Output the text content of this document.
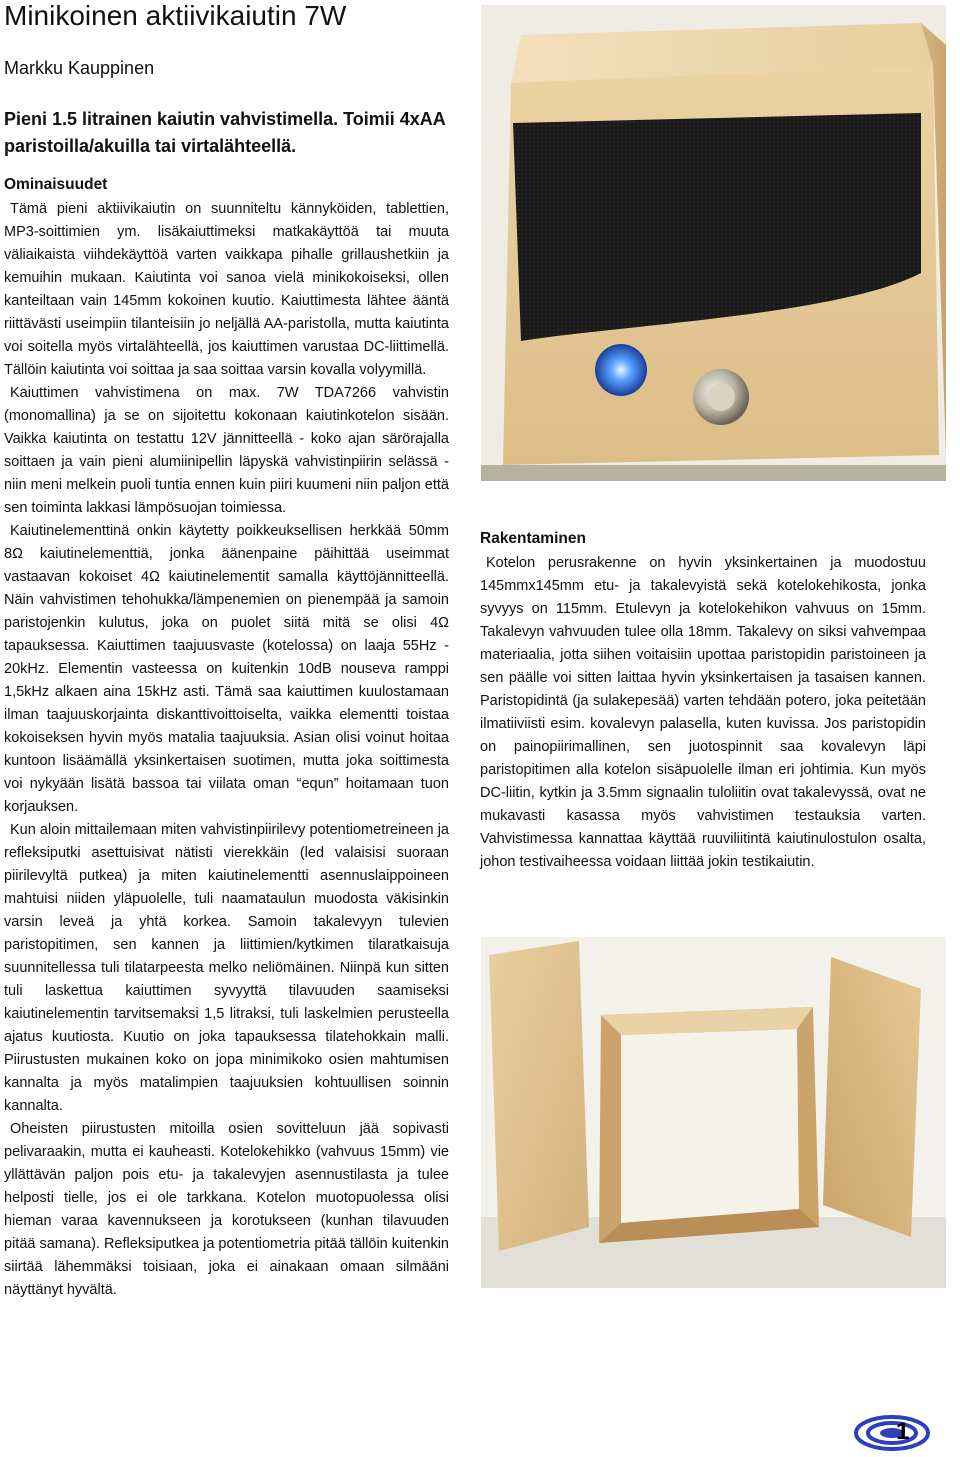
Minikoinen aktiivikaiutin 7W
Markku Kauppinen
Pieni 1.5 litrainen kaiutin vahvistimella. Toimii 4xAA paristoilla/akuilla tai virtalähteellä.
Ominaisuudet

Tämä pieni aktiivikaiutin on suunniteltu kännyköiden, tablettien, MP3-soittimien ym. lisäkaiuttimeksi matkakäyttöä tai muuta väliaikaista viihdekäyttöä varten vaikkapa pihalle grillaushetkiin ja kemuihin mukaan. Kaiutinta voi sanoa vielä minikokoiseksi, ollen kanteiltaan vain 145mm kokoinen kuutio. Kaiuttimesta lähtee ääntä riittävästi useimpiin tilanteisiin jo neljällä AA-paristolla, mutta kaiutinta voi soitella myös virtalähteellä, jos kaiuttimen varustaa DC-liittimellä. Tällöin kaiutinta voi soittaa ja saa soittaa varsin kovalla volyymillä.

Kaiuttimen vahvistimena on max. 7W TDA7266 vahvistin (monomallina) ja se on sijoitettu kokonaan kaiutinkotelon sisään. Vaikka kaiutinta on testattu 12V jännitteellä - koko ajan särörajalla soittaen ja vain pieni alumiinipellin läpyskä vahvistinpiirin selässä - niin meni melkein puoli tuntia ennen kuin piiri kuumeni niin paljon että sen toiminta lakkasi lämpösuojan toimiessa.

Kaiutinelementtinä onkin käytetty poikkeuksellisen herkkää 50mm 8Ω kaiutinelementtiä, jonka äänenpaine päihittää useimmat vastaavan kokoiset 4Ω kaiutinelementit samalla käyttöjännitteellä. Näin vahvistimen tehohukka/lämpenemien on pienempää ja samoin paristojenkin kulutus, joka on puolet siitä mitä se olisi 4Ω tapauksessa. Kaiuttimen taajuusvaste (kotelossa) on laaja 55Hz - 20kHz. Elementin vasteessa on kuitenkin 10dB nouseva ramppi 1,5kHz alkaen aina 15kHz asti. Tämä saa kaiuttimen kuulostamaan ilman taajuuskorjainta diskanttivoittoiselta, vaikka elementti toistaa kokoiseksen hyvin myös matalia taajuuksia. Asian olisi voinut hoitaa kuntoon lisäämällä yksinkertaisen suotimen, mutta joka soittimesta voi nykyään lisätä bassoa tai viilata oman “equn” hoitamaan tuon korjauksen.

Kun aloin mittailemaan miten vahvistinpiirilevy potentiometreineen ja refleksiputki asettuisivat nätisti vierekkäin (led valaisisi suoraan piirilevyltä putkea) ja miten kaiutinelementti asennuslaippoineen mahtuisi niiden yläpuolelle, tuli naamataulun muodosta väkisinkin varsin leveä ja yhtä korkea. Samoin takalevyyn tulevien paristopitimen, sen kannen ja liittimien/kytkimen tilaratkaisuja suunnitellessa tuli tilatarpeesta melko neliömäinen. Niinpä kun sitten tuli laskettua kaiuttimen syvyyttä tilavuuden saamiseksi kaiutinelementin tarvitsemaksi 1,5 litraksi, tuli laskelmien perusteella ajatus kuutiosta. Kuutio on joka tapauksessa tilatehokkain malli. Piirustusten mukainen koko on jopa minimikoko osien mahtumisen kannalta ja myös matalimpien taajuuksien kohtuullisen soinnin kannalta.

Oheisten piirustusten mitoilla osien sovitteluun jää sopivasti pelivaraakin, mutta ei kauheasti. Kotelokehikko (vahvuus 15mm) vie yllättävän paljon pois etu- ja takalevyjen asennustilasta ja tulee helposti tielle, jos ei ole tarkkana. Kotelon muotopuolessa olisi hieman varaa kavennukseen ja korotukseen (kunhan tilavuuden pitää samana). Refleksiputkea ja potentiometria pitää tällöin kuitenkin siirtää lähemmäksi toisiaan, joka ei ainakaan omaan silmääni näyttänyt hyvältä.

Rakentaminen

Kotelon perusrakenne on hyvin yksinkertainen ja muodostuu 145mmx145mm etu- ja takalevyistä sekä kotelokehikosta, jonka syvyys on 115mm. Etulevyn ja kotelokehikon vahvuus on 15mm. Takalevyn vahvuuden tulee olla 18mm. Takalevy on siksi vahvempaa materiaalia, jotta siihen voitaisiin upottaa paristopidin paristoineen ja sen päälle voi sitten laittaa hyvin yksinkertaisen ja tasaisen kannen. Paristopidintä (ja sulakepesää) varten tehdään potero, joka peitetään ilmatiiviisti esim. kovalevyn palasella, kuten kuvissa. Jos paristopidin on painopiirimallinen, sen juotospinnit saa kovalevyn läpi paristopitimen alla kotelon sisäpuolelle ilman eri johtimia. Kun myös DC-liitin, kytkin ja 3.5mm signaalin tuloliitin ovat takalevyssä, ovat ne mukavasti kasassa myös vahvistimen testauksia varten. Vahvistimessa kannattaa käyttää ruuviliitintä kaiutinulostulon osalta, johon testivaiheessa voidaan liittää jokin testikaiutin.

1
